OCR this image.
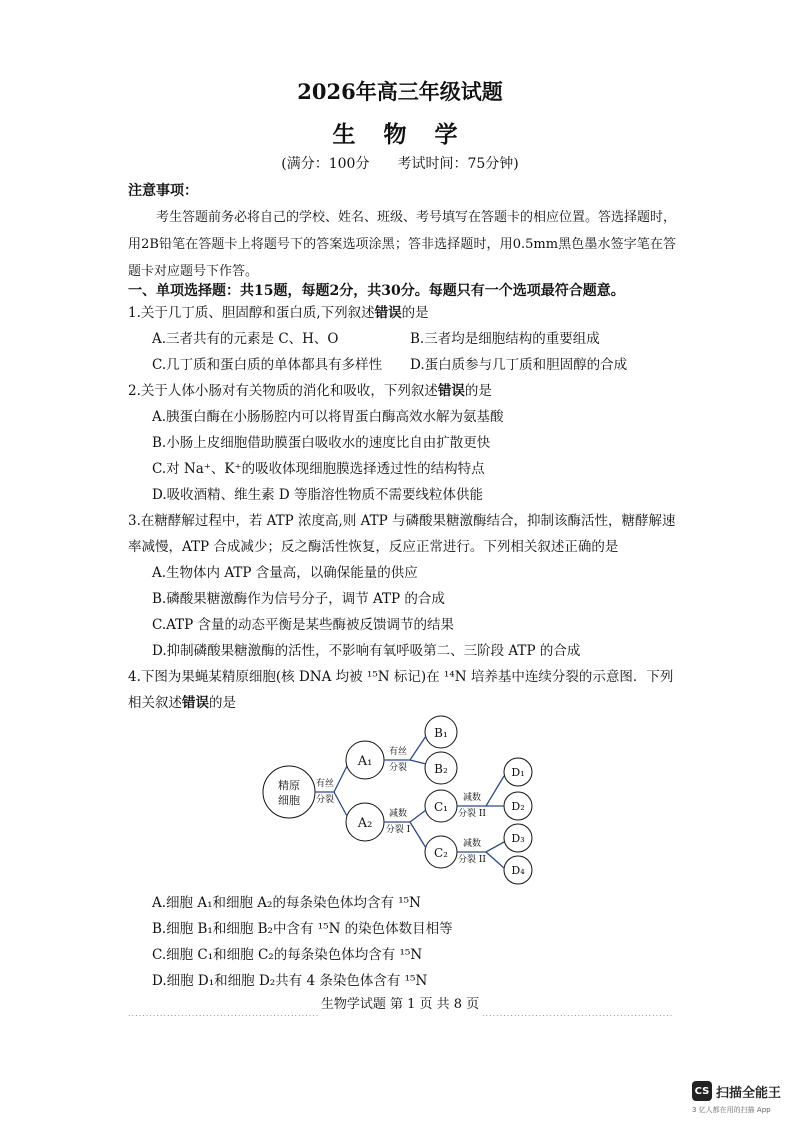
2026年高三年级试题
生 物 学
(满分：100分　　考试时间：75分钟)
注意事项：
考生答题前务必将自己的学校、姓名、班级、考号填写在答题卡的相应位置。答选择题时，用2B铅笔在答题卡上将题号下的答案选项涂黑；答非选择题时，用0.5mm黑色墨水签字笔在答题卡对应题号下作答。
一、单项选择题：共15题，每题2分，共30分。每题只有一个选项最符合题意。
1.关于几丁质、胆固醇和蛋白质,下列叙述错误的是
A.三者共有的元素是 C、H、O	B.三者均是细胞结构的重要组成
C.几丁质和蛋白质的单体都具有多样性	D.蛋白质参与几丁质和胆固醇的合成
2.关于人体小肠对有关物质的消化和吸收，下列叙述错误的是
A.胰蛋白酶在小肠肠腔内可以将胃蛋白酶高效水解为氨基酸
B.小肠上皮细胞借助膜蛋白吸收水的速度比自由扩散更快
C.对 Na⁺、K⁺的吸收体现细胞膜选择透过性的结构特点
D.吸收酒精、维生素 D 等脂溶性物质不需要线粒体供能
3.在糖酵解过程中，若 ATP 浓度高,则 ATP 与磷酸果糖激酶结合，抑制该酶活性，糖酵解速率减慢，ATP 合成减少；反之酶活性恢复，反应正常进行。下列相关叙述正确的是
A.生物体内 ATP 含量高，以确保能量的供应
B.磷酸果糖激酶作为信号分子，调节 ATP 的合成
C.ATP 含量的动态平衡是某些酶被反馈调节的结果
D.抑制磷酸果糖激酶的活性，不影响有氧呼吸第二、三阶段 ATP 的合成
4.下图为果蝇某精原细胞(核 DNA 均被 ¹⁵N 标记)在 ¹⁴N 培养基中连续分裂的示意图．下列相关叙述错误的是
精原
细胞
A₁
A₂
B₁
B₂
C₁
C₂
D₁
D₂
D₃
D₄
有丝
分裂
有丝
分裂
减数
分裂 I
减数
分裂 II
减数
分裂 II
A.细胞 A₁和细胞 A₂的每条染色体均含有 ¹⁵N
B.细胞 B₁和细胞 B₂中含有 ¹⁵N 的染色体数目相等
C.细胞 C₁和细胞 C₂的每条染色体均含有 ¹⁵N
D.细胞 D₁和细胞 D₂共有 4 条染色体含有 ¹⁵N
生物学试题 第 1 页 共 8 页
......................................................	......................................................
CS 扫描全能王
3 亿人都在用的扫描 App
